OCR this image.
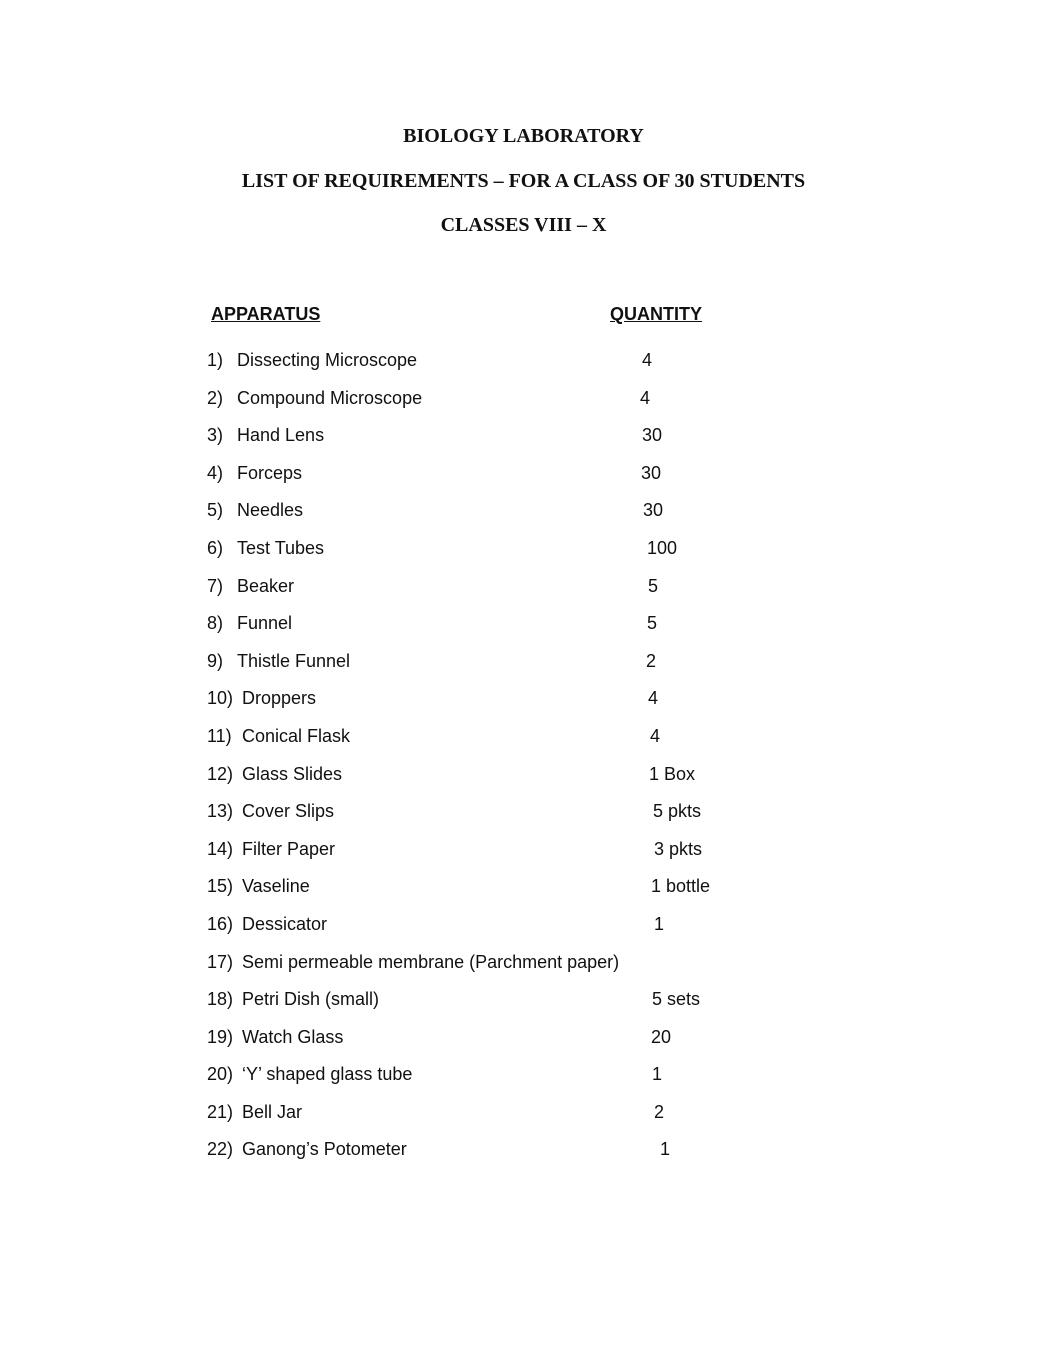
BIOLOGY LABORATORY
LIST OF REQUIREMENTS – FOR A CLASS OF 30 STUDENTS
CLASSES VIII – X
APPARATUS	QUANTITY
1) Dissecting Microscope	4
2) Compound Microscope	4
3) Hand Lens	30
4) Forceps	30
5) Needles	30
6) Test Tubes	100
7) Beaker	5
8) Funnel	5
9) Thistle Funnel	2
10) Droppers	4
11) Conical Flask	4
12) Glass Slides	1 Box
13) Cover Slips	5 pkts
14) Filter Paper	3 pkts
15) Vaseline	1 bottle
16) Dessicator	1
17) Semi permeable membrane (Parchment paper)
18) Petri Dish (small)	5 sets
19) Watch Glass	20
20) ‘Y’ shaped glass tube	1
21) Bell Jar	2
22) Ganong’s Potometer	1
